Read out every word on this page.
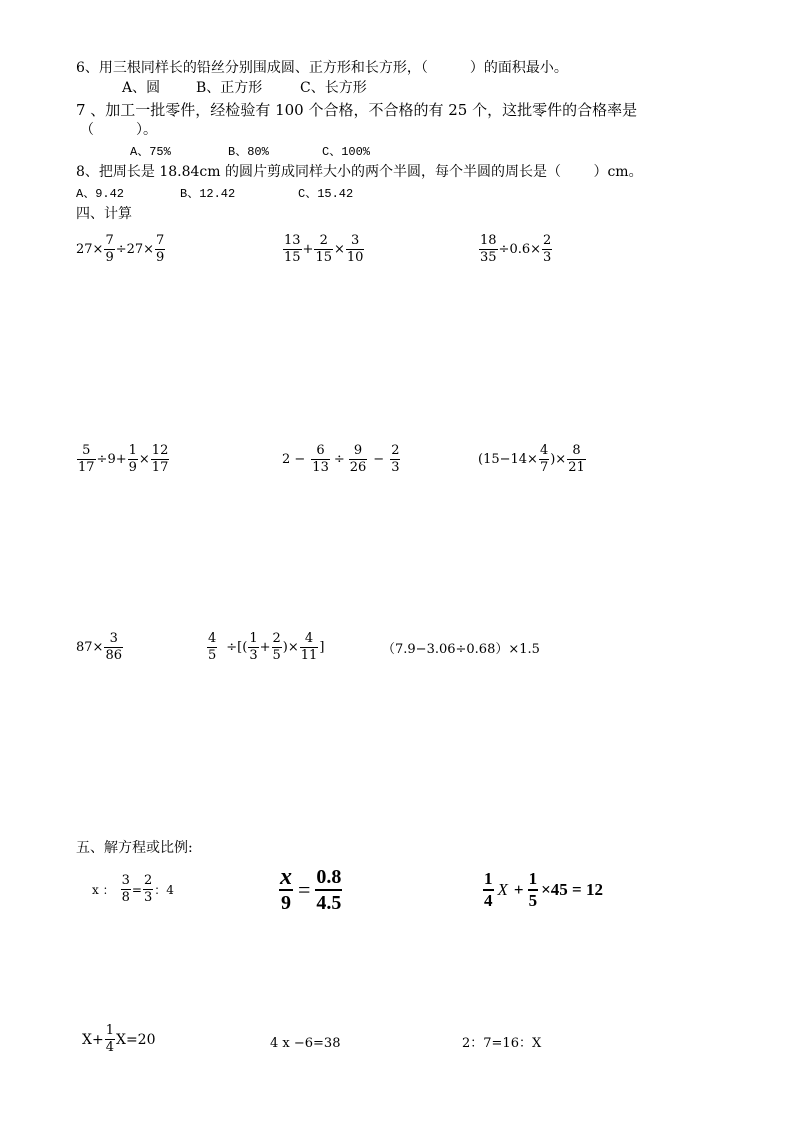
6、用三根同样长的铅丝分别围成圆、正方形和长方形，（　　　）的面积最小。
A、圆	B、正方形	C、长方形
7 、加工一批零件，经检验有 100 个合格，不合格的有 25 个，这批零件的合格率是
（　　　）。
A、75%	B、80%	C、100%
8、把周长是 18.84cm 的圆片剪成同样大小的两个半圆，每个半圆的周长是（　　 ）cm。
A、9.42	B、12.42	C、15.42
四、计算
$27\times \frac{7}{9} \div 27\times \frac{7}{9}$	$\frac{13}{15} + \frac{2}{15} \times \frac{3}{10}$	$\frac{18}{35} \div 0.6\times \frac{2}{3}$
$\frac{5}{17} \div 9+ \frac{1}{9} \times \frac{12}{17}$	$2 - \frac{6}{13} \div \frac{9}{26} - \frac{2}{3}$	($15-14\times \frac{4}{7}$ )× $\frac{8}{21}$
$87\times \frac{3}{86}$	$\frac{4}{5}$ ÷[( $\frac{1}{3} + \frac{2}{5}$ )× $\frac{4}{11}$ ]	（7.9−3.06÷0.68）×1.5
五、解方程或比例:
x ： $\frac{3}{8} = \frac{2}{3}$ ：4	$\frac{x}{9} = \frac{0.8}{4.5}$	$\frac{1}{4}$ $X + \frac{1}{5} \times 45 = 12$
$X+ \frac{1}{4} X=20$	4 x −6=38	2：7=16：X
